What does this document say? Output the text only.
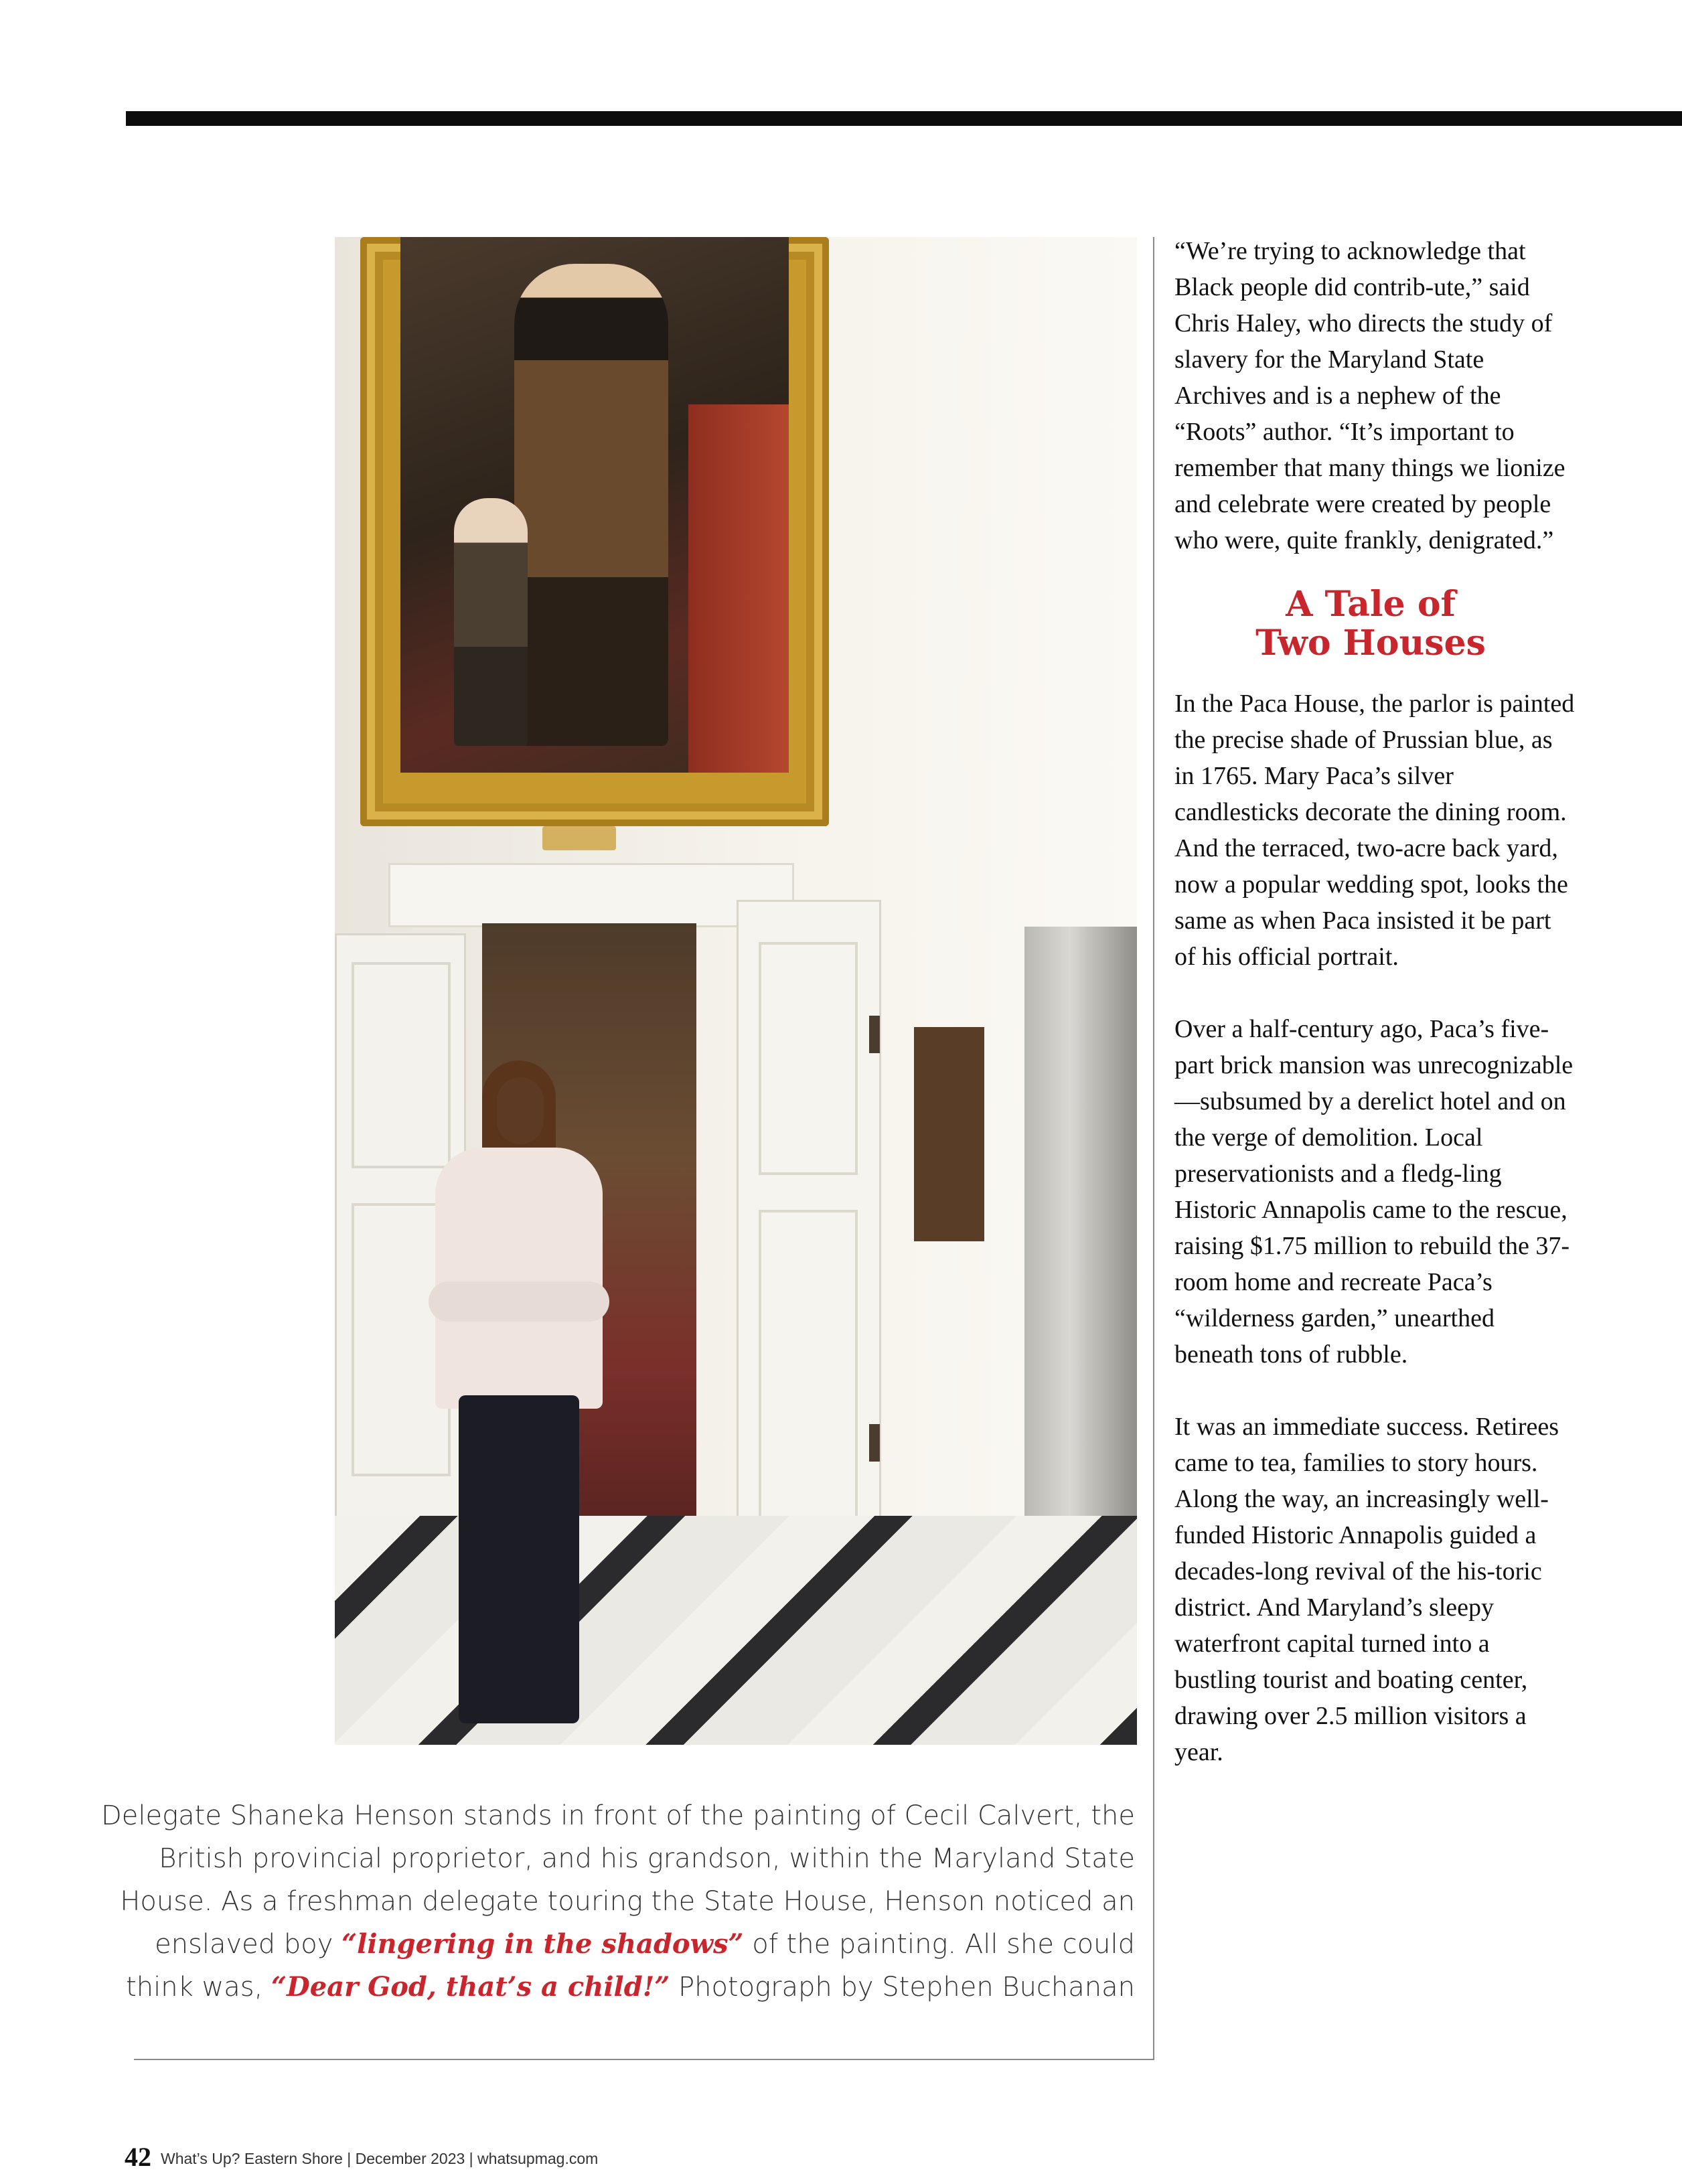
Delegate Shaneka Henson stands in front of the painting of Cecil Calvert, the British provincial proprietor, and his grandson, within the Maryland State House. As a freshman delegate touring the State House, Henson noticed an enslaved boy “lingering in the shadows” of the painting. All she could think was, “Dear God, that’s a child!” Photograph by Stephen Buchanan

“We’re trying to acknowledge that Black people did contrib-ute,” said Chris Haley, who directs the study of slavery for the Maryland State Archives and is a nephew of the “Roots” author. “It’s important to remember that many things we lionize and celebrate were created by people who were, quite frankly, denigrated.”

A Tale of
Two Houses

In the Paca House, the parlor is painted the precise shade of Prussian blue, as in 1765. Mary Paca’s silver candlesticks decorate the dining room. And the terraced, two-acre back yard, now a popular wedding spot, looks the same as when Paca insisted it be part of his official portrait.

Over a half-century ago, Paca’s five-part brick mansion was unrecognizable—subsumed by a derelict hotel and on the verge of demolition. Local preservationists and a fledg-ling Historic Annapolis came to the rescue, raising $1.75 million to rebuild the 37-room home and recreate Paca’s “wilderness garden,” unearthed beneath tons of rubble.

It was an immediate success. Retirees came to tea, families to story hours. Along the way, an increasingly well-funded Historic Annapolis guided a decades-long revival of the his-toric district. And Maryland’s sleepy waterfront capital turned into a bustling tourist and boating center, drawing over 2.5 million visitors a year.

42 What’s Up? Eastern Shore | December 2023 | whatsupmag.com
